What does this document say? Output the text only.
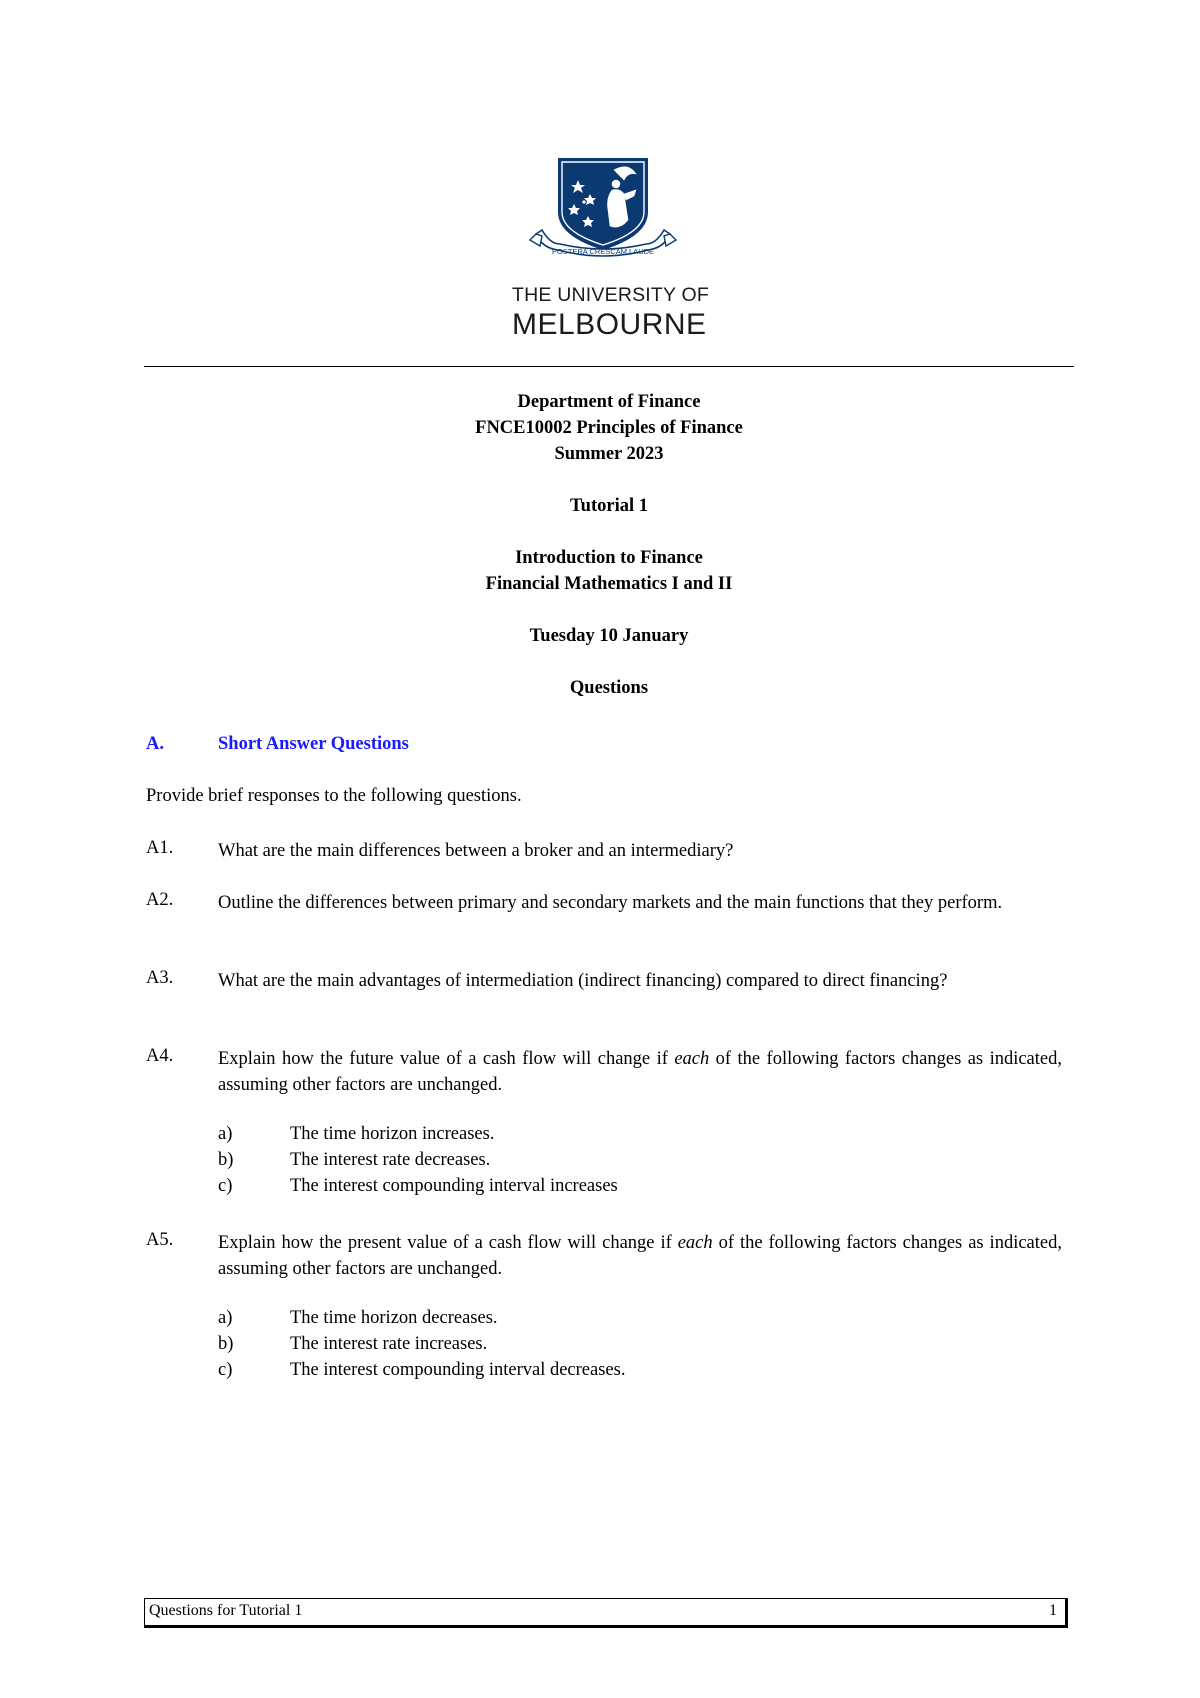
POSTERA CRESCAM LAUDE
THE UNIVERSITY OF
MELBOURNE
Department of Finance
FNCE10002 Principles of Finance
Summer 2023
Tutorial 1
Introduction to Finance
Financial Mathematics I and II
Tuesday 10 January
Questions
A.	Short Answer Questions
Provide brief responses to the following questions.
A1. What are the main differences between a broker and an intermediary?
A2. Outline the differences between primary and secondary markets and the main functions that they perform.
A3. What are the main advantages of intermediation (indirect financing) compared to direct financing?
A4. Explain how the future value of a cash flow will change if each of the following factors changes as indicated, assuming other factors are unchanged.
a)	The time horizon increases.
b)	The interest rate decreases.
c)	The interest compounding interval increases
A5. Explain how the present value of a cash flow will change if each of the following factors changes as indicated, assuming other factors are unchanged.
a)	The time horizon decreases.
b)	The interest rate increases.
c)	The interest compounding interval decreases.
Questions for Tutorial 1	1
